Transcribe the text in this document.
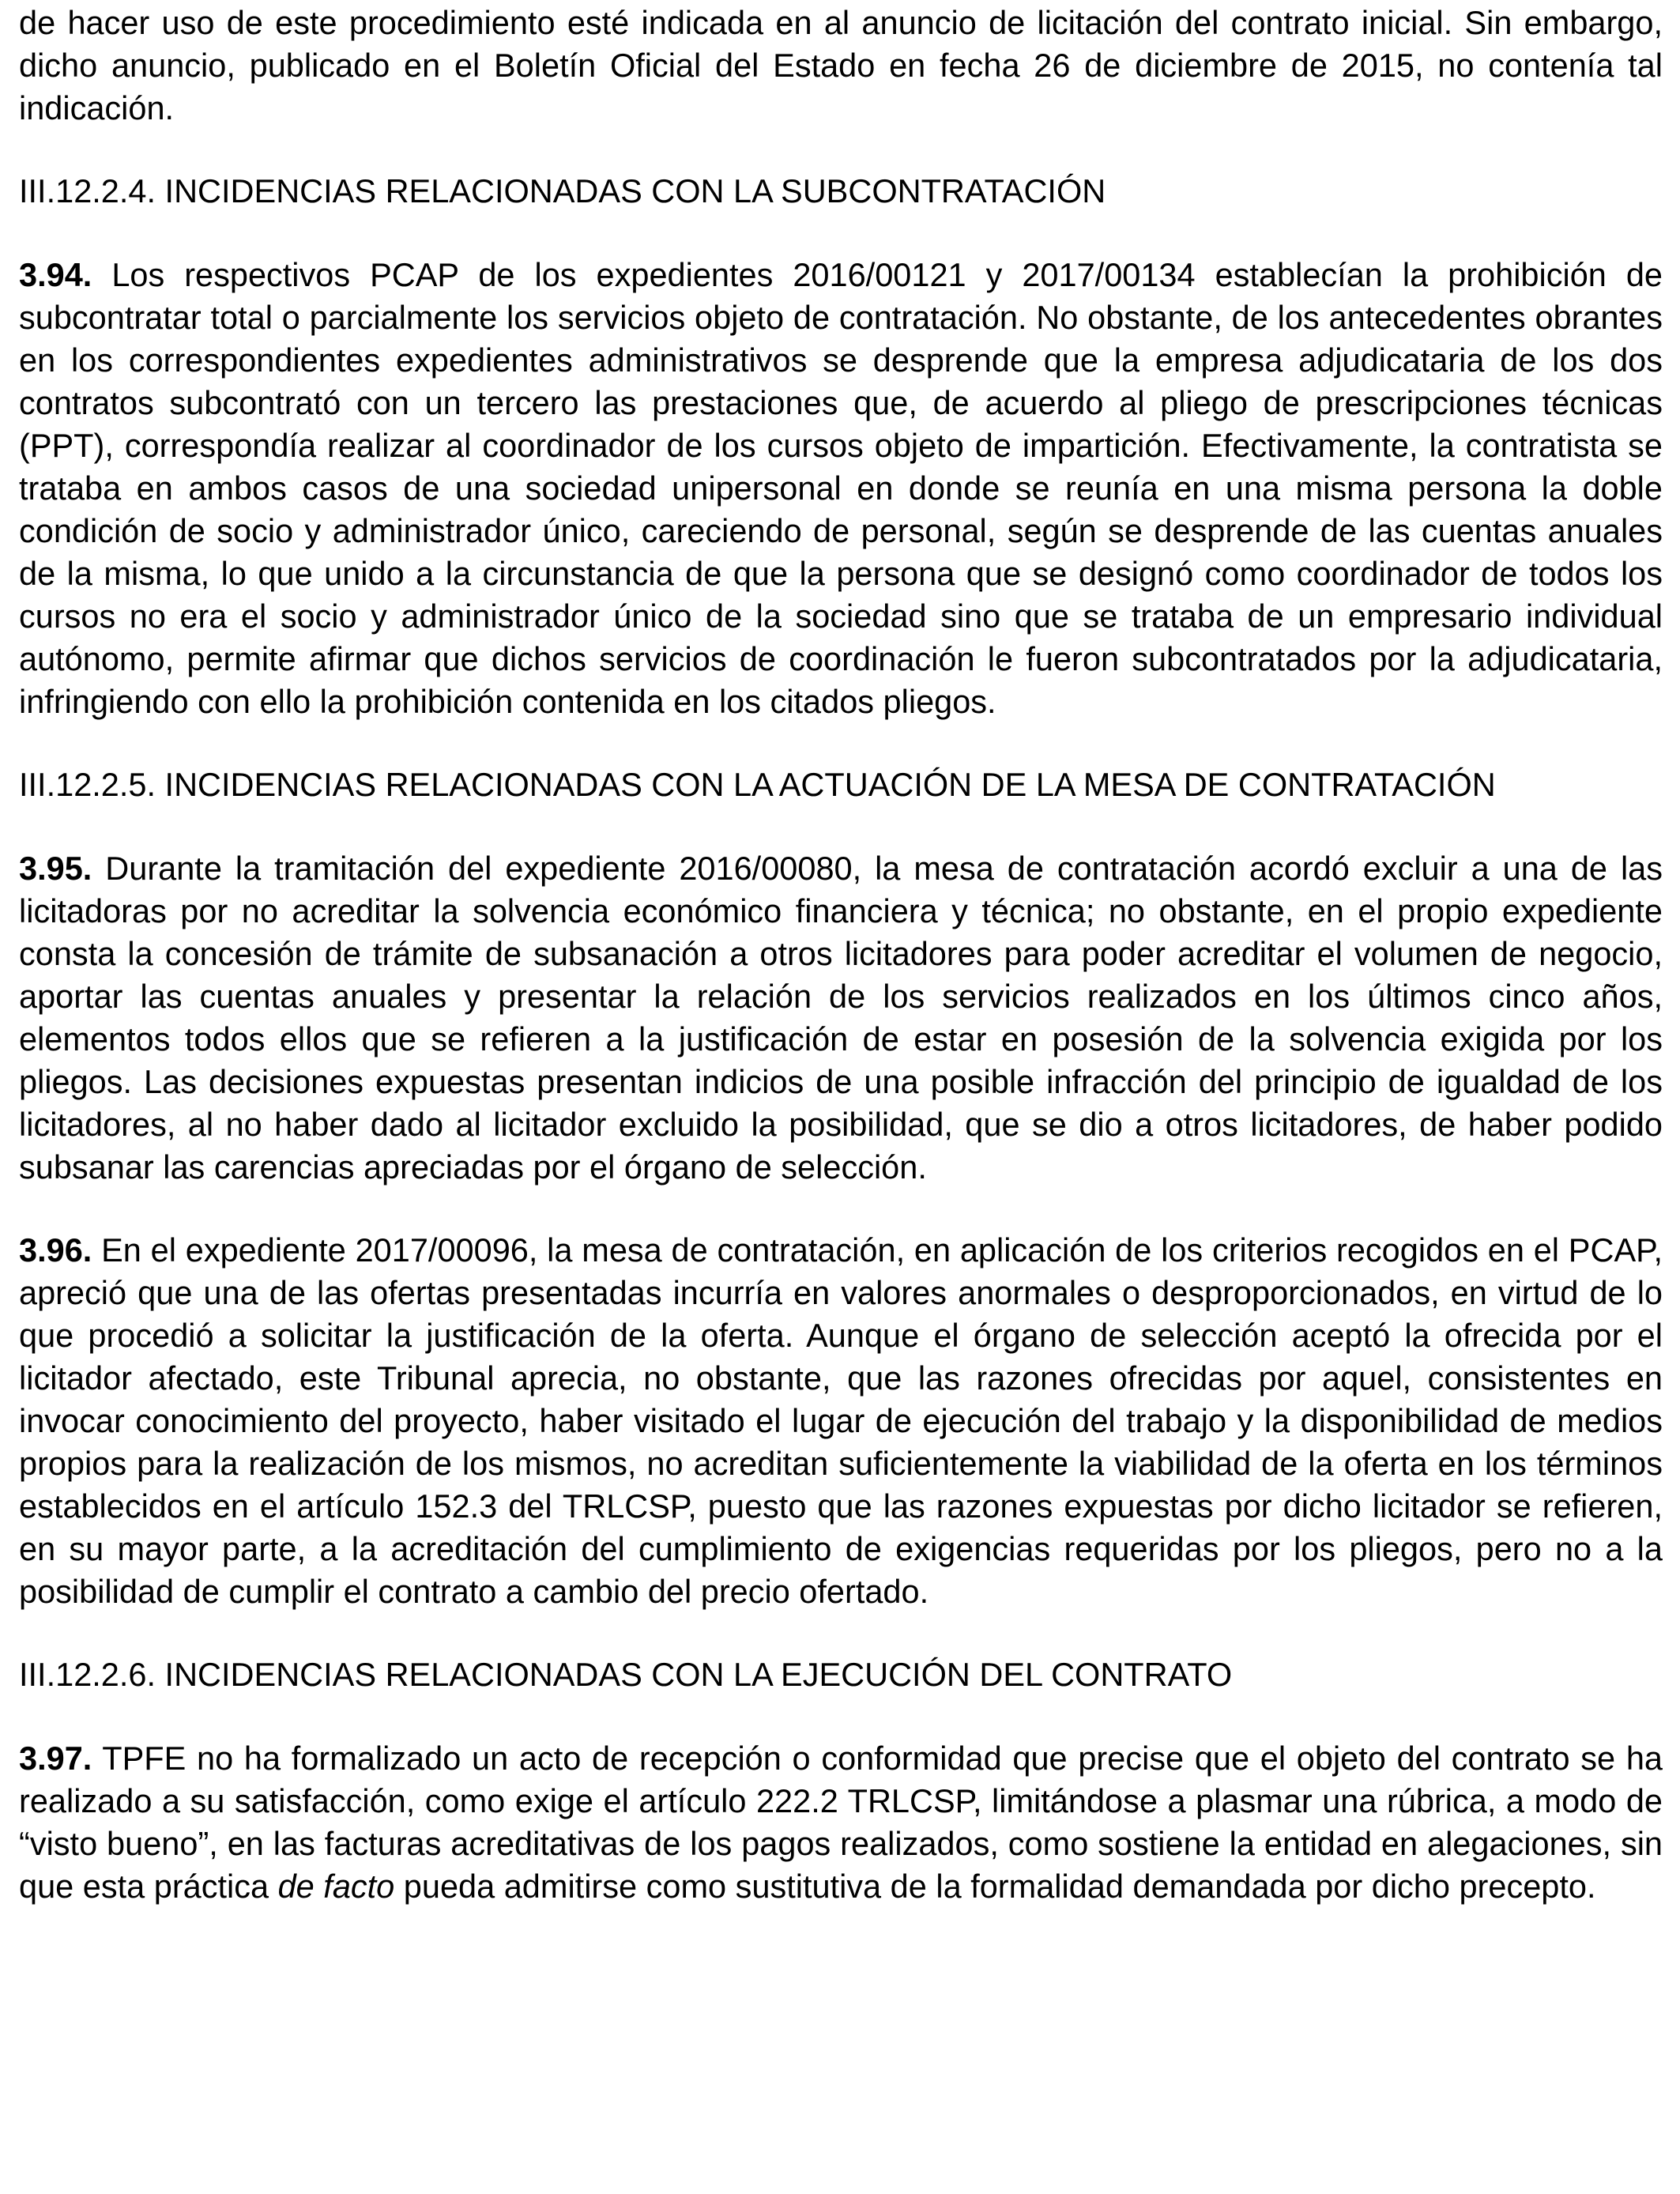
de hacer uso de este procedimiento esté indicada en al anuncio de licitación del contrato inicial. Sin embargo, dicho anuncio, publicado en el Boletín Oficial del Estado en fecha 26 de diciembre de 2015, no contenía tal indicación.

III.12.2.4. INCIDENCIAS RELACIONADAS CON LA SUBCONTRATACIÓN

3.94. Los respectivos PCAP de los expedientes 2016/00121 y 2017/00134 establecían la prohibición de subcontratar total o parcialmente los servicios objeto de contratación. No obstante, de los antecedentes obrantes en los correspondientes expedientes administrativos se desprende que la empresa adjudicataria de los dos contratos subcontrató con un tercero las prestaciones que, de acuerdo al pliego de prescripciones técnicas (PPT), correspondía realizar al coordinador de los cursos objeto de impartición. Efectivamente, la contratista se trataba en ambos casos de una sociedad unipersonal en donde se reunía en una misma persona la doble condición de socio y administrador único, careciendo de personal, según se desprende de las cuentas anuales de la misma, lo que unido a la circunstancia de que la persona que se designó como coordinador de todos los cursos no era el socio y administrador único de la sociedad sino que se trataba de un empresario individual autónomo, permite afirmar que dichos servicios de coordinación le fueron subcontratados por la adjudicataria, infringiendo con ello la prohibición contenida en los citados pliegos.

III.12.2.5. INCIDENCIAS RELACIONADAS CON LA ACTUACIÓN DE LA MESA DE CONTRATACIÓN

3.95. Durante la tramitación del expediente 2016/00080, la mesa de contratación acordó excluir a una de las licitadoras por no acreditar la solvencia económico financiera y técnica; no obstante, en el propio expediente consta la concesión de trámite de subsanación a otros licitadores para poder acreditar el volumen de negocio, aportar las cuentas anuales y presentar la relación de los servicios realizados en los últimos cinco años, elementos todos ellos que se refieren a la justificación de estar en posesión de la solvencia exigida por los pliegos. Las decisiones expuestas presentan indicios de una posible infracción del principio de igualdad de los licitadores, al no haber dado al licitador excluido la posibilidad, que se dio a otros licitadores, de haber podido subsanar las carencias apreciadas por el órgano de selección.

3.96. En el expediente 2017/00096, la mesa de contratación, en aplicación de los criterios recogidos en el PCAP, apreció que una de las ofertas presentadas incurría en valores anormales o desproporcionados, en virtud de lo que procedió a solicitar la justificación de la oferta. Aunque el órgano de selección aceptó la ofrecida por el licitador afectado, este Tribunal aprecia, no obstante, que las razones ofrecidas por aquel, consistentes en invocar conocimiento del proyecto, haber visitado el lugar de ejecución del trabajo y la disponibilidad de medios propios para la realización de los mismos, no acreditan suficientemente la viabilidad de la oferta en los términos establecidos en el artículo 152.3 del TRLCSP, puesto que las razones expuestas por dicho licitador se refieren, en su mayor parte, a la acreditación del cumplimiento de exigencias requeridas por los pliegos, pero no a la posibilidad de cumplir el contrato a cambio del precio ofertado.

III.12.2.6. INCIDENCIAS RELACIONADAS CON LA EJECUCIÓN DEL CONTRATO

3.97. TPFE no ha formalizado un acto de recepción o conformidad que precise que el objeto del contrato se ha realizado a su satisfacción, como exige el artículo 222.2 TRLCSP, limitándose a plasmar una rúbrica, a modo de “visto bueno”, en las facturas acreditativas de los pagos realizados, como sostiene la entidad en alegaciones, sin que esta práctica de facto pueda admitirse como sustitutiva de la formalidad demandada por dicho precepto.
